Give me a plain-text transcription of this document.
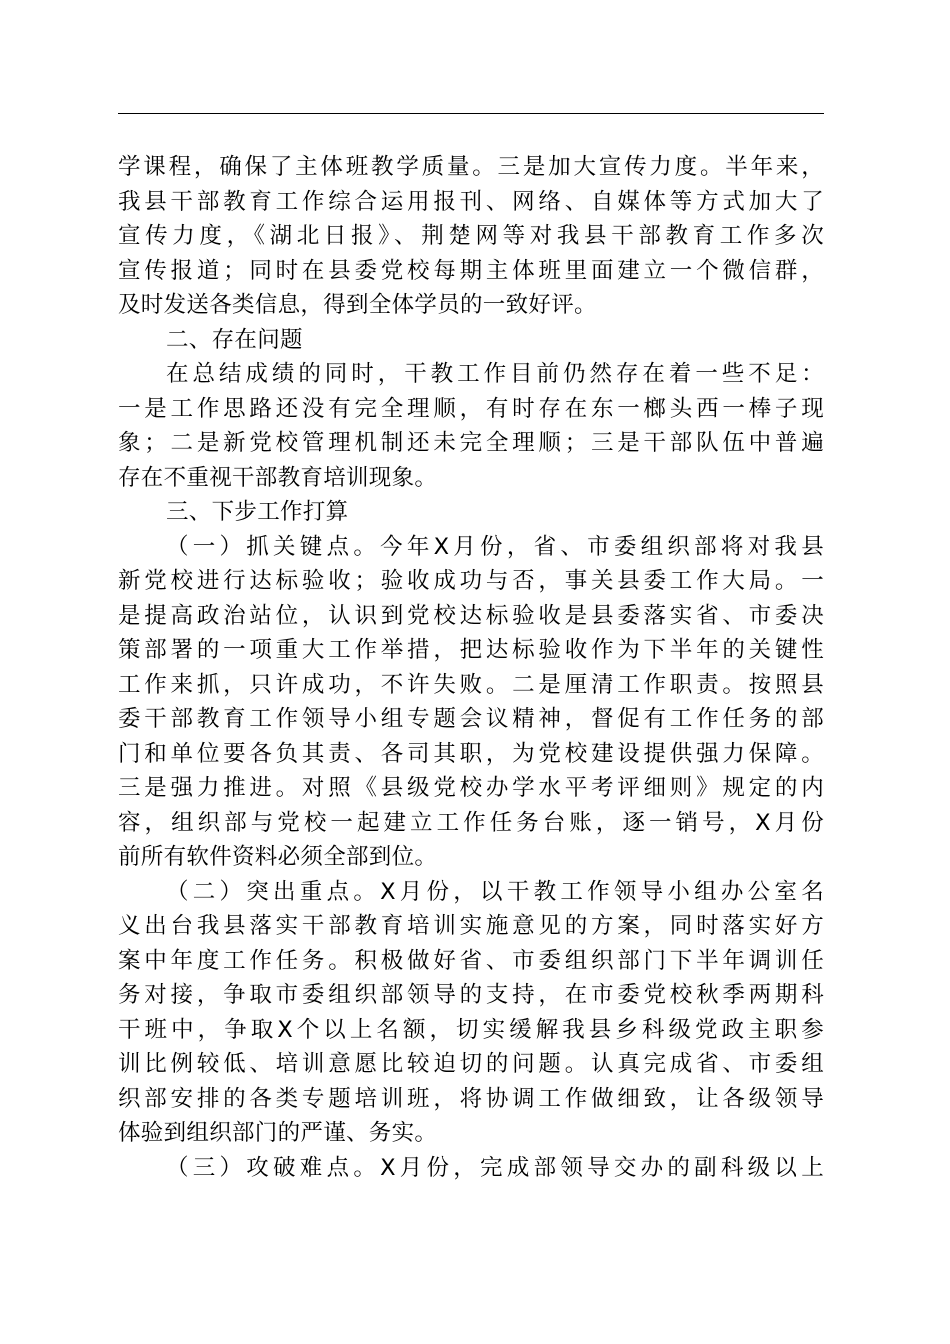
学课程，确保了主体班教学质量。三是加大宣传力度。半年来，
我县干部教育工作综合运用报刊、网络、自媒体等方式加大了
宣传力度，《湖北日报》、荆楚网等对我县干部教育工作多次
宣传报道；同时在县委党校每期主体班里面建立一个微信群，
及时发送各类信息，得到全体学员的一致好评。
二、存在问题
在总结成绩的同时，干教工作目前仍然存在着一些不足：
一是工作思路还没有完全理顺，有时存在东一榔头西一棒子现
象；二是新党校管理机制还未完全理顺；三是干部队伍中普遍
存在不重视干部教育培训现象。
三、下步工作打算
（一）抓关键点。今年X月份，省、市委组织部将对我县
新党校进行达标验收；验收成功与否，事关县委工作大局。一
是提高政治站位，认识到党校达标验收是县委落实省、市委决
策部署的一项重大工作举措，把达标验收作为下半年的关键性
工作来抓，只许成功，不许失败。二是厘清工作职责。按照县
委干部教育工作领导小组专题会议精神，督促有工作任务的部
门和单位要各负其责、各司其职，为党校建设提供强力保障。
三是强力推进。对照《县级党校办学水平考评细则》规定的内
容，组织部与党校一起建立工作任务台账，逐一销号，X月份
前所有软件资料必须全部到位。
（二）突出重点。X月份，以干教工作领导小组办公室名
义出台我县落实干部教育培训实施意见的方案，同时落实好方
案中年度工作任务。积极做好省、市委组织部门下半年调训任
务对接，争取市委组织部领导的支持，在市委党校秋季两期科
干班中，争取X个以上名额，切实缓解我县乡科级党政主职参
训比例较低、培训意愿比较迫切的问题。认真完成省、市委组
织部安排的各类专题培训班，将协调工作做细致，让各级领导
体验到组织部门的严谨、务实。
（三）攻破难点。X月份，完成部领导交办的副科级以上
